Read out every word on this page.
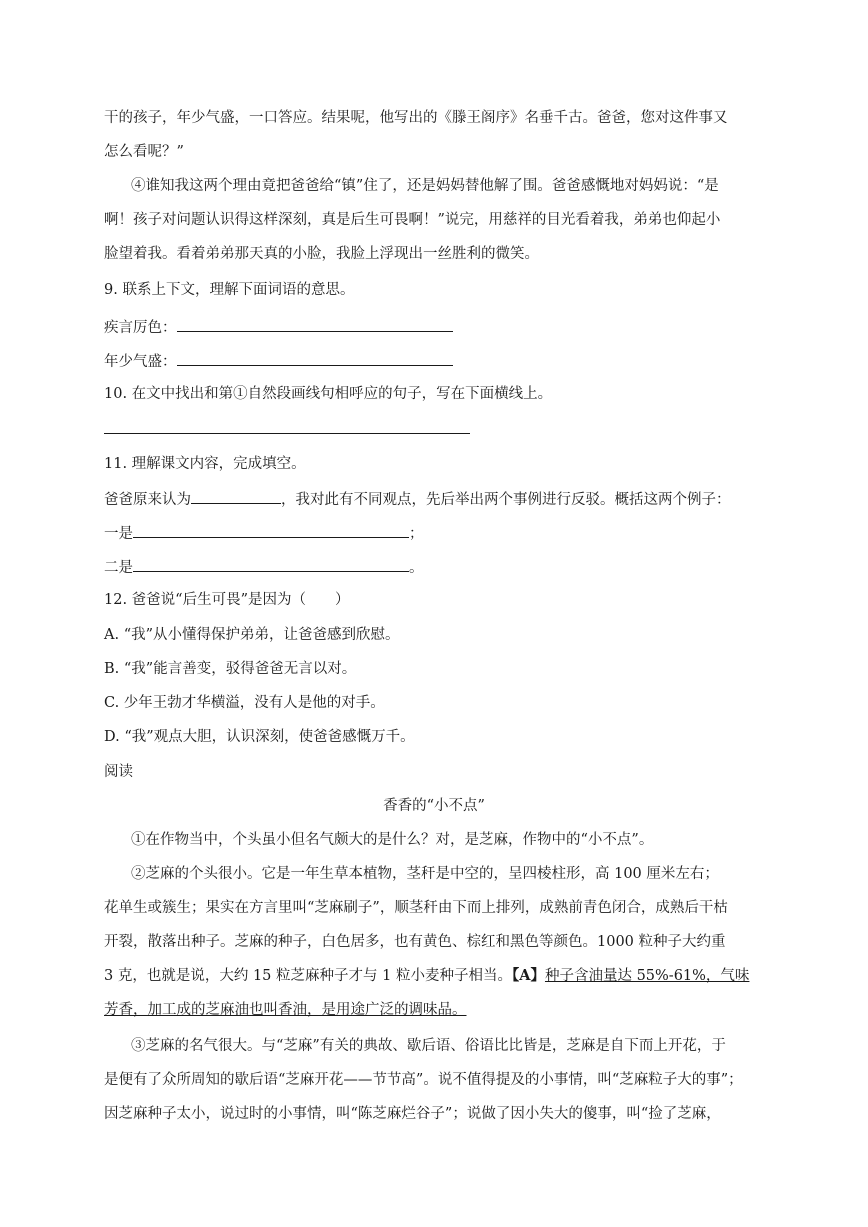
干的孩子，年少气盛，一口答应。结果呢，他写出的《滕王阁序》名垂千古。爸爸，您对这件事又
怎么看呢？”
④谁知我这两个理由竟把爸爸给“镇”住了，还是妈妈替他解了围。爸爸感慨地对妈妈说：“是
啊！孩子对问题认识得这样深刻，真是后生可畏啊！”说完，用慈祥的目光看着我，弟弟也仰起小
脸望着我。看着弟弟那天真的小脸，我脸上浮现出一丝胜利的微笑。
9. 联系上下文，理解下面词语的意思。
疾言厉色：
年少气盛：
10. 在文中找出和第①自然段画线句相呼应的句子，写在下面横线上。
11. 理解课文内容，完成填空。
爸爸原来认为	，我对此有不同观点，先后举出两个事例进行反驳。概括这两个例子：
一是	；
二是	。
12. 爸爸说“后生可畏”是因为（　　）
A. “我”从小懂得保护弟弟，让爸爸感到欣慰。
B. “我”能言善变，驳得爸爸无言以对。
C. 少年王勃才华横溢，没有人是他的对手。
D. “我”观点大胆，认识深刻，使爸爸感慨万千。
阅读
香香的“小不点”
①在作物当中，个头虽小但名气颇大的是什么？对，是芝麻，作物中的“小不点”。
②芝麻的个头很小。它是一年生草本植物，茎秆是中空的，呈四棱柱形，高 100 厘米左右；
花单生或簇生；果实在方言里叫“芝麻刷子”，顺茎秆由下而上排列，成熟前青色闭合，成熟后干枯
开裂，散落出种子。芝麻的种子，白色居多，也有黄色、棕红和黑色等颜色。1000 粒种子大约重
3 克，也就是说，大约 15 粒芝麻种子才与 1 粒小麦种子相当。【A】种子含油量达 55%-61%，气味
芳香，加工成的芝麻油也叫香油，是用途广泛的调味品。
③芝麻的名气很大。与“芝麻”有关的典故、歇后语、俗语比比皆是，芝麻是自下而上开花，于
是便有了众所周知的歇后语“芝麻开花——节节高”。说不值得提及的小事情，叫“芝麻粒子大的事”；
因芝麻种子太小，说过时的小事情，叫“陈芝麻烂谷子”；说做了因小失大的傻事，叫“捡了芝麻，
